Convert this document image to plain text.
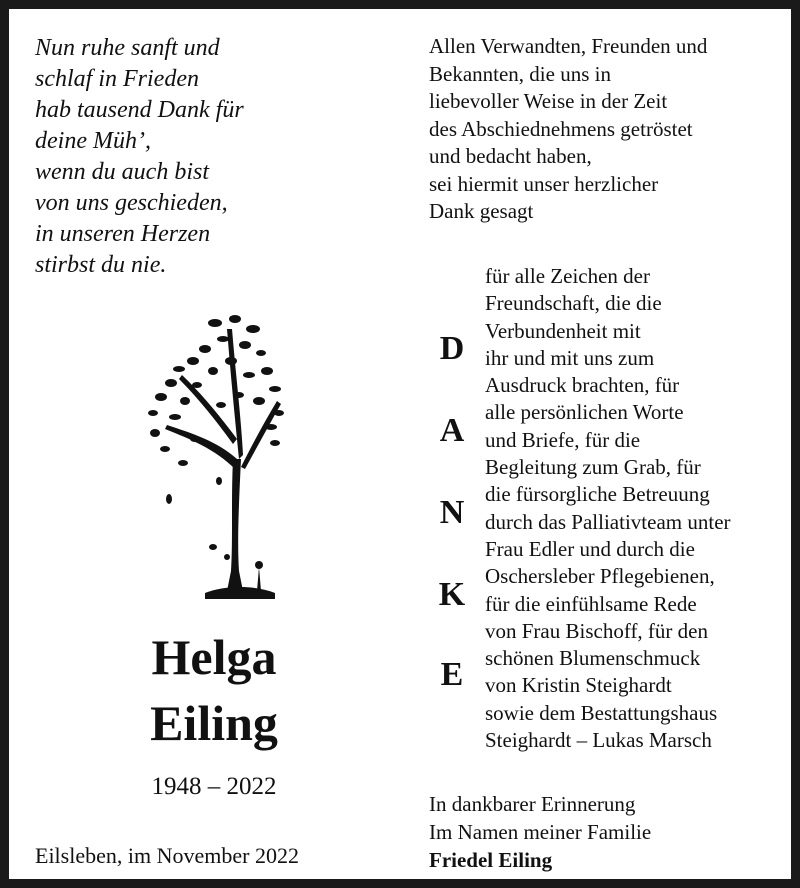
Nun ruhe sanft und
schlaf in Frieden
hab tausend Dank für
deine Müh’,
wenn du auch bist
von uns geschieden,
in unseren Herzen
stirbst du nie.
Helga
Eiling
1948 – 2022
Eilsleben, im November 2022
Allen Verwandten, Freunden und
Bekannten, die uns in
liebevoller Weise in der Zeit
des Abschiednehmens getröstet
und bedacht haben,
sei hiermit unser herzlicher
Dank gesagt
D
A
N
K
E
für alle Zeichen der
Freundschaft, die die
Verbundenheit mit
ihr und mit uns zum
Ausdruck brachten, für
alle persönlichen Worte
und Briefe, für die
Begleitung zum Grab, für
die fürsorgliche Betreuung
durch das Palliativteam unter
Frau Edler und durch die
Oschersleber Pflegebienen,
für die einfühlsame Rede
von Frau Bischoff, für den
schönen Blumenschmuck
von Kristin Steighardt
sowie dem Bestattungshaus
Steighardt – Lukas Marsch
In dankbarer Erinnerung
Im Namen meiner Familie
Friedel Eiling
